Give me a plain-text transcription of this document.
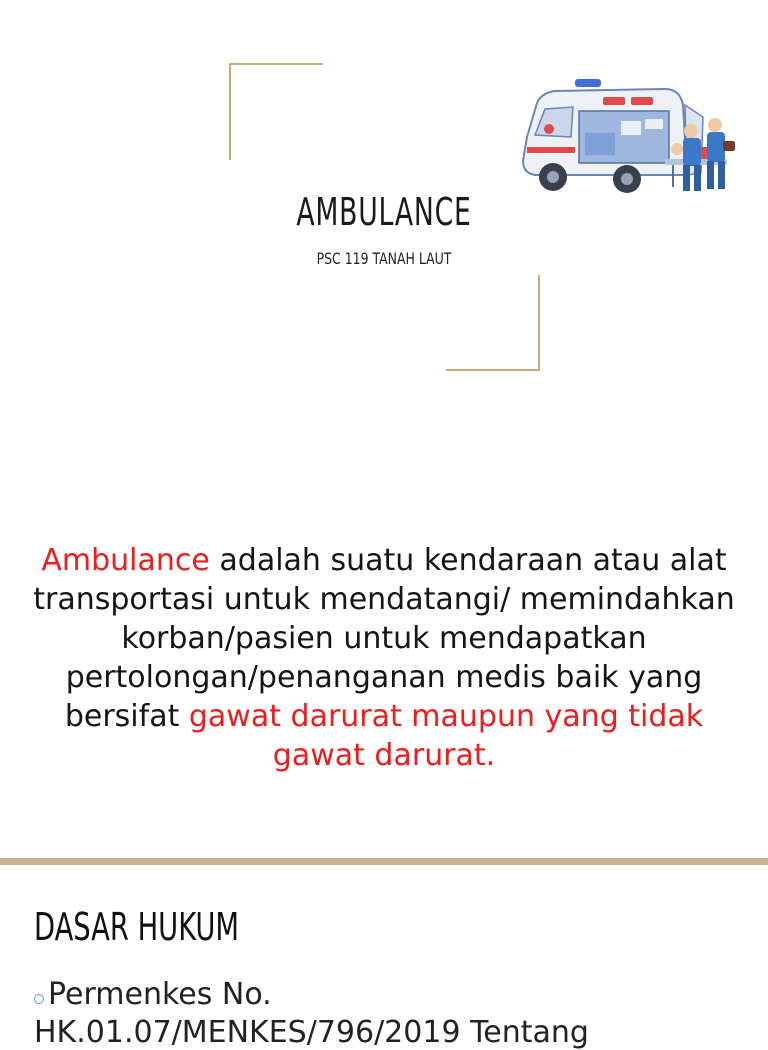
AMBULANCE
PSC 119 TANAH LAUT
Ambulance adalah suatu kendaraan atau alat transportasi untuk mendatangi/ memindahkan korban/pasien untuk mendapatkan pertolongan/penanganan medis baik yang bersifat gawat darurat maupun yang tidak gawat darurat.
DASAR HUKUM
Permenkes No.
HK.01.07/MENKES/796/2019 Tentang
